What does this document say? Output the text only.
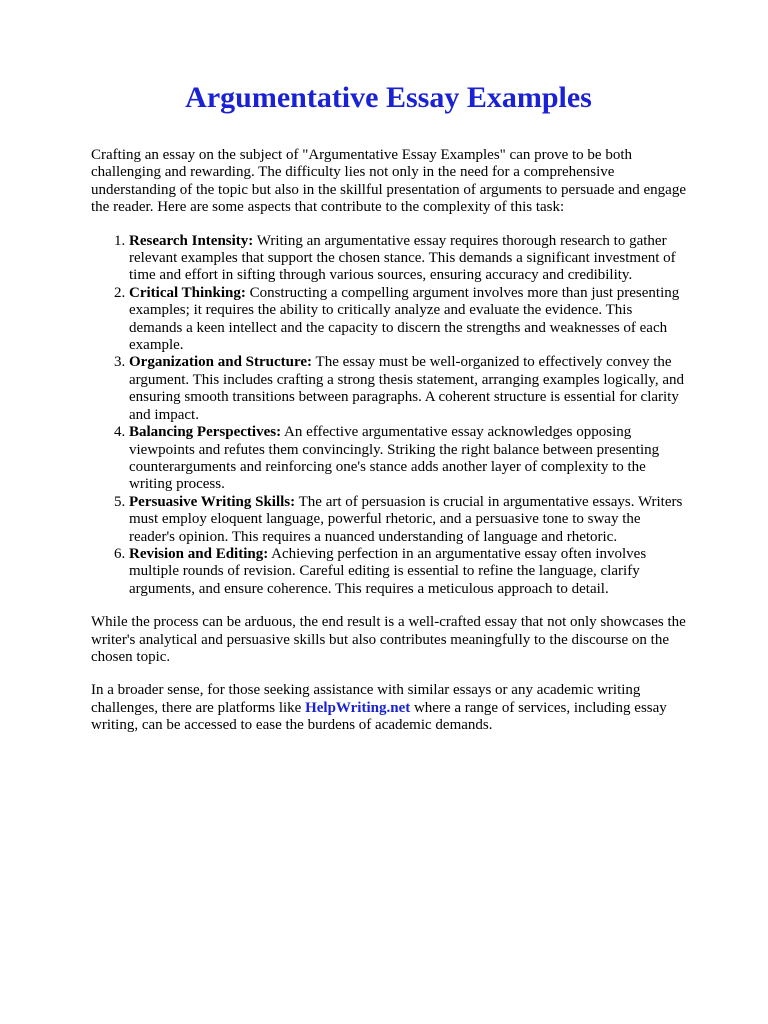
Argumentative Essay Examples

Crafting an essay on the subject of "Argumentative Essay Examples" can prove to be both challenging and rewarding. The difficulty lies not only in the need for a comprehensive understanding of the topic but also in the skillful presentation of arguments to persuade and engage the reader. Here are some aspects that contribute to the complexity of this task:

1. Research Intensity: Writing an argumentative essay requires thorough research to gather relevant examples that support the chosen stance. This demands a significant investment of time and effort in sifting through various sources, ensuring accuracy and credibility.
2. Critical Thinking: Constructing a compelling argument involves more than just presenting examples; it requires the ability to critically analyze and evaluate the evidence. This demands a keen intellect and the capacity to discern the strengths and weaknesses of each example.
3. Organization and Structure: The essay must be well-organized to effectively convey the argument. This includes crafting a strong thesis statement, arranging examples logically, and ensuring smooth transitions between paragraphs. A coherent structure is essential for clarity and impact.
4. Balancing Perspectives: An effective argumentative essay acknowledges opposing viewpoints and refutes them convincingly. Striking the right balance between presenting counterarguments and reinforcing one's stance adds another layer of complexity to the writing process.
5. Persuasive Writing Skills: The art of persuasion is crucial in argumentative essays. Writers must employ eloquent language, powerful rhetoric, and a persuasive tone to sway the reader's opinion. This requires a nuanced understanding of language and rhetoric.
6. Revision and Editing: Achieving perfection in an argumentative essay often involves multiple rounds of revision. Careful editing is essential to refine the language, clarify arguments, and ensure coherence. This requires a meticulous approach to detail.

While the process can be arduous, the end result is a well-crafted essay that not only showcases the writer's analytical and persuasive skills but also contributes meaningfully to the discourse on the chosen topic.

In a broader sense, for those seeking assistance with similar essays or any academic writing challenges, there are platforms like HelpWriting.net where a range of services, including essay writing, can be accessed to ease the burdens of academic demands.
